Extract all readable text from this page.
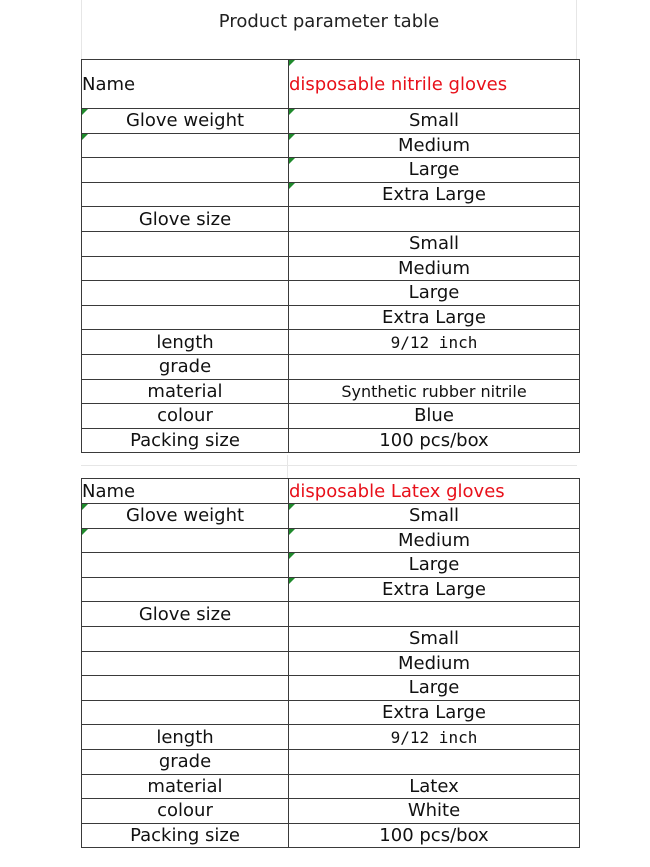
Product parameter table
Name	disposable nitrile gloves
Glove weight	Small
	Medium
	Large
	Extra Large
Glove size	
	Small
	Medium
	Large
	Extra Large
length	9/12 inch
grade	
material	Synthetic rubber nitrile
colour	Blue
Packing size	100 pcs/box
Name	disposable Latex gloves
Glove weight	Small
	Medium
	Large
	Extra Large
Glove size	
	Small
	Medium
	Large
	Extra Large
length	9/12 inch
grade	
material	Latex
colour	White
Packing size	100 pcs/box
